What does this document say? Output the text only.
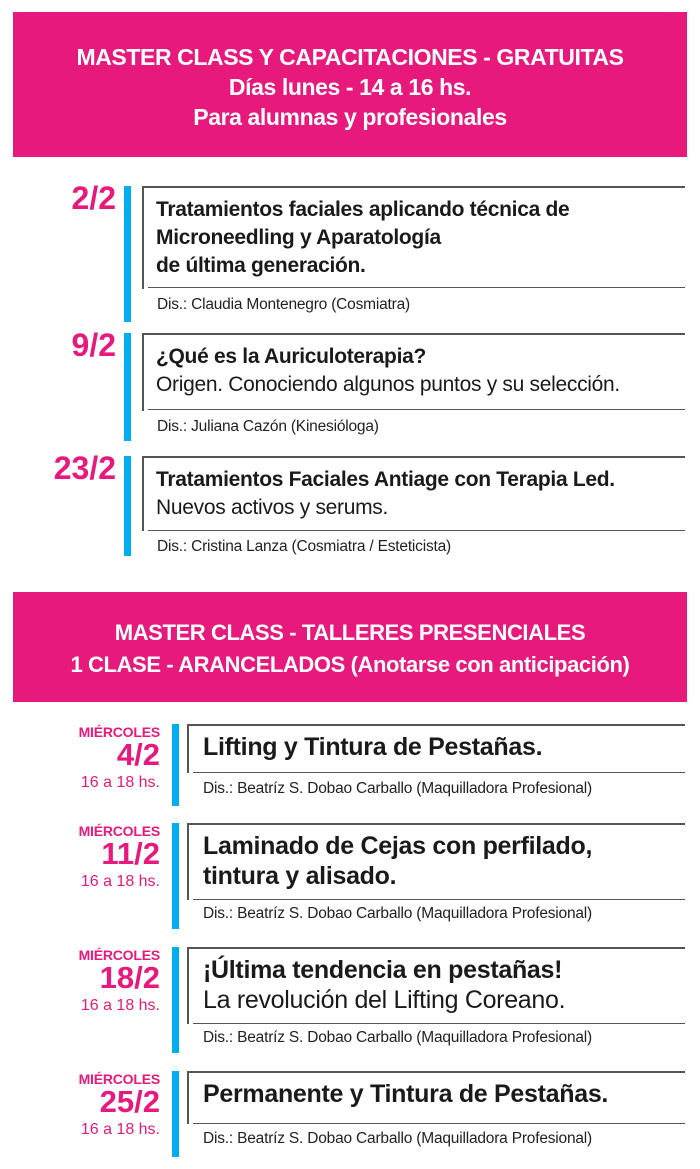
MASTER CLASS Y CAPACITACIONES - GRATUITAS
Días lunes - 14 a 16 hs.
Para alumnas y profesionales
2/2 Tratamientos faciales aplicando técnica de
Microneedling y Aparatología
de última generación.
Dis.: Claudia Montenegro (Cosmiatra)
9/2 ¿Qué es la Auriculoterapia?
Origen. Conociendo algunos puntos y su selección.
Dis.: Juliana Cazón (Kinesióloga)
23/2 Tratamientos Faciales Antiage con Terapia Led.
Nuevos activos y serums.
Dis.: Cristina Lanza (Cosmiatra / Esteticista)
MASTER CLASS - TALLERES PRESENCIALES
1 CLASE - ARANCELADOS (Anotarse con anticipación)
MIÉRCOLES
4/2
16 a 18 hs.
Lifting y Tintura de Pestañas.
Dis.: Beatríz S. Dobao Carballo (Maquilladora Profesional)
MIÉRCOLES
11/2
16 a 18 hs.
Laminado de Cejas con perfilado,
tintura y alisado.
Dis.: Beatríz S. Dobao Carballo (Maquilladora Profesional)
MIÉRCOLES
18/2
16 a 18 hs.
¡Última tendencia en pestañas!
La revolución del Lifting Coreano.
Dis.: Beatríz S. Dobao Carballo (Maquilladora Profesional)
MIÉRCOLES
25/2
16 a 18 hs.
Permanente y Tintura de Pestañas.
Dis.: Beatríz S. Dobao Carballo (Maquilladora Profesional)
